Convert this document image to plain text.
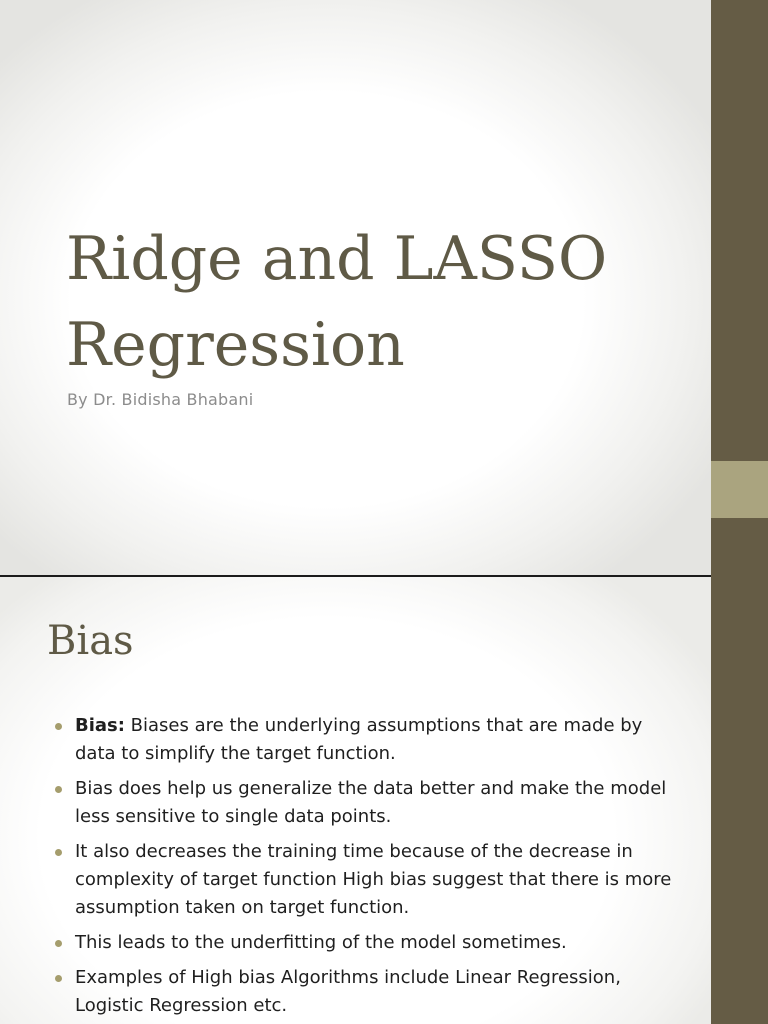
Ridge and LASSO Regression

By Dr. Bidisha Bhabani

Bias
Bias: Biases are the underlying assumptions that are made by data to simplify the target function.
Bias does help us generalize the data better and make the model less sensitive to single data points.
It also decreases the training time because of the decrease in complexity of target function High bias suggest that there is more assumption taken on target function.
This leads to the underfitting of the model sometimes.
Examples of High bias Algorithms include Linear Regression, Logistic Regression etc.
